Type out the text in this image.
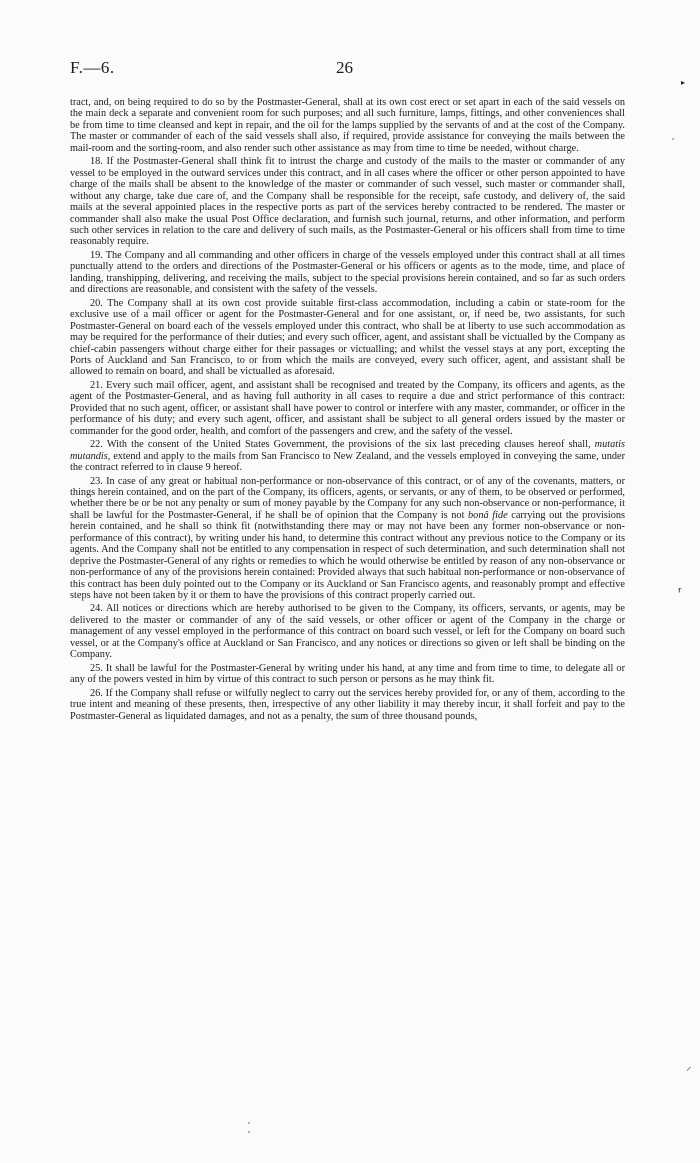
F.—6.	26

tract, and, on being required to do so by the Postmaster-General, shall at its own cost erect or set apart in each of the said vessels on the main deck a separate and convenient room for such purposes; and all such furniture, lamps, fittings, and other conveniences shall be from time to time cleansed and kept in repair, and the oil for the lamps supplied by the servants of and at the cost of the Company. The master or commander of each of the said vessels shall also, if required, provide assistance for conveying the mails between the mail-room and the sorting-room, and also render such other assistance as may from time to time be needed, without charge.

18. If the Postmaster-General shall think fit to intrust the charge and custody of the mails to the master or commander of any vessel to be employed in the outward services under this contract, and in all cases where the officer or other person appointed to have charge of the mails shall be absent to the knowledge of the master or commander of such vessel, such master or commander shall, without any charge, take due care of, and the Company shall be responsible for the receipt, safe custody, and delivery of, the said mails at the several appointed places in the respective ports as part of the services hereby contracted to be rendered. The master or commander shall also make the usual Post Office declaration, and furnish such journal, returns, and other information, and perform such other services in relation to the care and delivery of such mails, as the Postmaster-General or his officers shall from time to time reasonably require.

19. The Company and all commanding and other officers in charge of the vessels employed under this contract shall at all times punctually attend to the orders and directions of the Postmaster-General or his officers or agents as to the mode, time, and place of landing, transhipping, delivering, and receiving the mails, subject to the special provisions herein contained, and so far as such orders and directions are reasonable, and consistent with the safety of the vessels.

20. The Company shall at its own cost provide suitable first-class accommodation, including a cabin or state-room for the exclusive use of a mail officer or agent for the Postmaster-General and for one assistant, or, if need be, two assistants, for such Postmaster-General on board each of the vessels employed under this contract, who shall be at liberty to use such accommodation as may be required for the performance of their duties; and every such officer, agent, and assistant shall be victualled by the Company as chief-cabin passengers without charge either for their passages or victualling; and whilst the vessel stays at any port, excepting the Ports of Auckland and San Francisco, to or from which the mails are conveyed, every such officer, agent, and assistant shall be allowed to remain on board, and shall be victualled as aforesaid.

21. Every such mail officer, agent, and assistant shall be recognised and treated by the Company, its officers and agents, as the agent of the Postmaster-General, and as having full authority in all cases to require a due and strict performance of this contract: Provided that no such agent, officer, or assistant shall have power to control or interfere with any master, commander, or officer in the performance of his duty; and every such agent, officer, and assistant shall be subject to all general orders issued by the master or commander for the good order, health, and comfort of the passengers and crew, and the safety of the vessel.

22. With the consent of the United States Government, the provisions of the six last preceding clauses hereof shall, mutatis mutandis, extend and apply to the mails from San Francisco to New Zealand, and the vessels employed in conveying the same, under the contract referred to in clause 9 hereof.

23. In case of any great or habitual non-performance or non-observance of this contract, or of any of the covenants, matters, or things herein contained, and on the part of the Company, its officers, agents, or servants, or any of them, to be observed or performed, whether there be or be not any penalty or sum of money payable by the Company for any such non-observance or non-performance, it shall be lawful for the Postmaster-General, if he shall be of opinion that the Company is not bonâ fide carrying out the provisions herein contained, and he shall so think fit (notwithstanding there may or may not have been any former non-observance or non-performance of this contract), by writing under his hand, to determine this contract without any previous notice to the Company or its agents. And the Company shall not be entitled to any compensation in respect of such determination, and such determination shall not deprive the Postmaster-General of any rights or remedies to which he would otherwise be entitled by reason of any non-observance or non-performance of any of the provisions herein contained: Provided always that such habitual non-performance or non-observance of this contract has been duly pointed out to the Company or its Auckland or San Francisco agents, and reasonably prompt and effective steps have not been taken by it or them to have the provisions of this contract properly carried out.

24. All notices or directions which are hereby authorised to be given to the Company, its officers, servants, or agents, may be delivered to the master or commander of any of the said vessels, or other officer or agent of the Company in the charge or management of any vessel employed in the performance of this contract on board such vessel, or left for the Company on board such vessel, or at the Company's office at Auckland or San Francisco, and any notices or directions so given or left shall be binding on the Company.

25. It shall be lawful for the Postmaster-General by writing under his hand, at any time and from time to time, to delegate all or any of the powers vested in him by virtue of this contract to such person or persons as he may think fit.

26. If the Company shall refuse or wilfully neglect to carry out the services hereby provided for, or any of them, according to the true intent and meaning of these presents, then, irrespective of any other liability it may thereby incur, it shall forfeit and pay to the Postmaster-General as liquidated damages, and not as a penalty, the sum of three thousand pounds,

▸
′
ʳ
⸝
